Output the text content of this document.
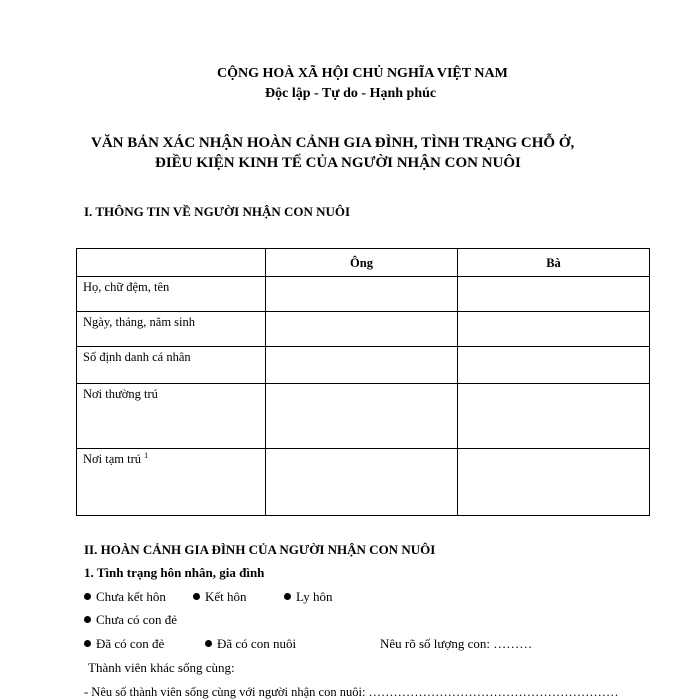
CỘNG HOÀ XÃ HỘI CHỦ NGHĨA VIỆT NAM
Độc lập - Tự do - Hạnh phúc
VĂN BẢN XÁC NHẬN HOÀN CẢNH GIA ĐÌNH, TÌNH TRẠNG CHỖ Ở,
ĐIỀU KIỆN KINH TẾ CỦA NGƯỜI NHẬN CON NUÔI
I. THÔNG TIN VỀ NGƯỜI NHẬN CON NUÔI
	Ông	Bà
Họ, chữ đệm, tên		
Ngày, tháng, năm sinh		
Số định danh cá nhân		
Nơi thường trú		
Nơi tạm trú $^1$		
II. HOÀN CẢNH GIA ĐÌNH CỦA NGƯỜI NHẬN CON NUÔI
1. Tình trạng hôn nhân, gia đình
Chưa kết hôn	Kết hôn	Ly hôn
Chưa có con đẻ
Đã có con đẻ	Đã có con nuôi	Nêu rõ số lượng con: ………
Thành viên khác sống cùng:
- Nêu số thành viên sống cùng với người nhận con nuôi: ……………………………………………………
